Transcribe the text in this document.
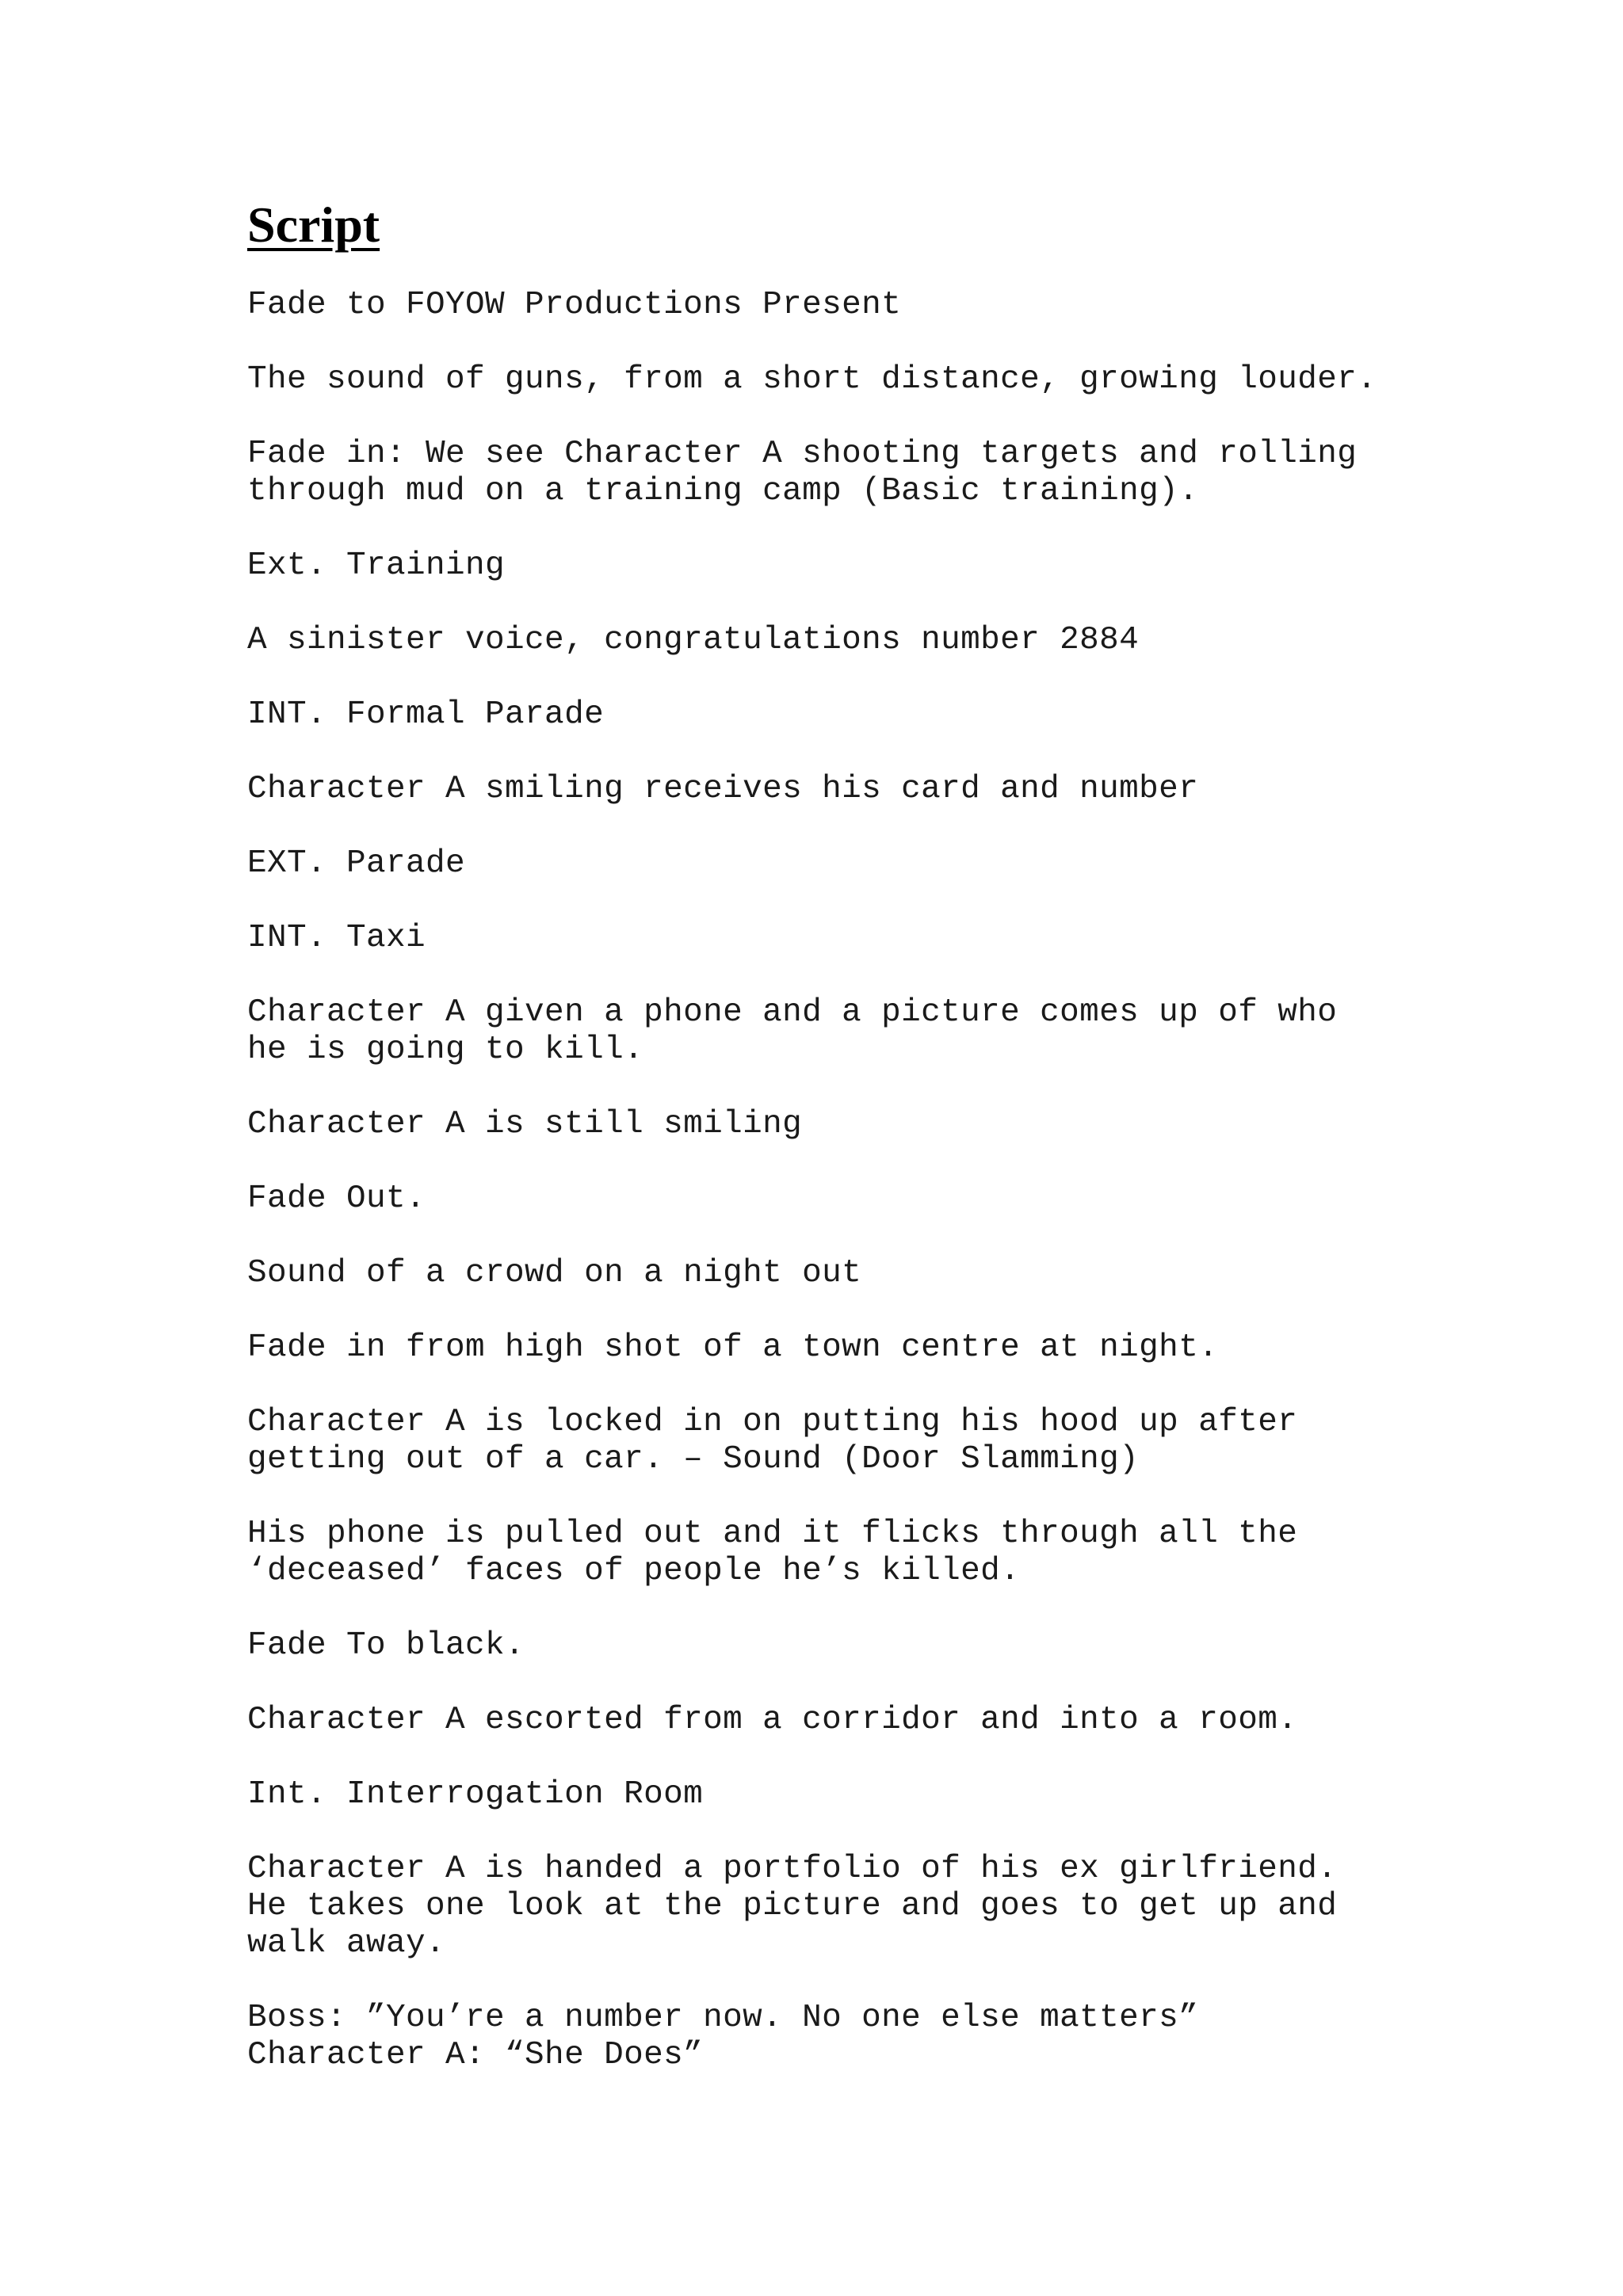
Script

Fade to FOYOW Productions Present

The sound of guns, from a short distance, growing louder.

Fade in: We see Character A shooting targets and rolling
through mud on a training camp (Basic training).

Ext. Training

A sinister voice, congratulations number 2884

INT. Formal Parade

Character A smiling receives his card and number

EXT. Parade

INT. Taxi

Character A given a phone and a picture comes up of who
he is going to kill.

Character A is still smiling

Fade Out.

Sound of a crowd on a night out

Fade in from high shot of a town centre at night.

Character A is locked in on putting his hood up after
getting out of a car. – Sound (Door Slamming)

His phone is pulled out and it flicks through all the
‘deceased’ faces of people he’s killed.

Fade To black.

Character A escorted from a corridor and into a room.

Int. Interrogation Room

Character A is handed a portfolio of his ex girlfriend.
He takes one look at the picture and goes to get up and
walk away.

Boss: ”You’re a number now. No one else matters”
Character A: “She Does”
